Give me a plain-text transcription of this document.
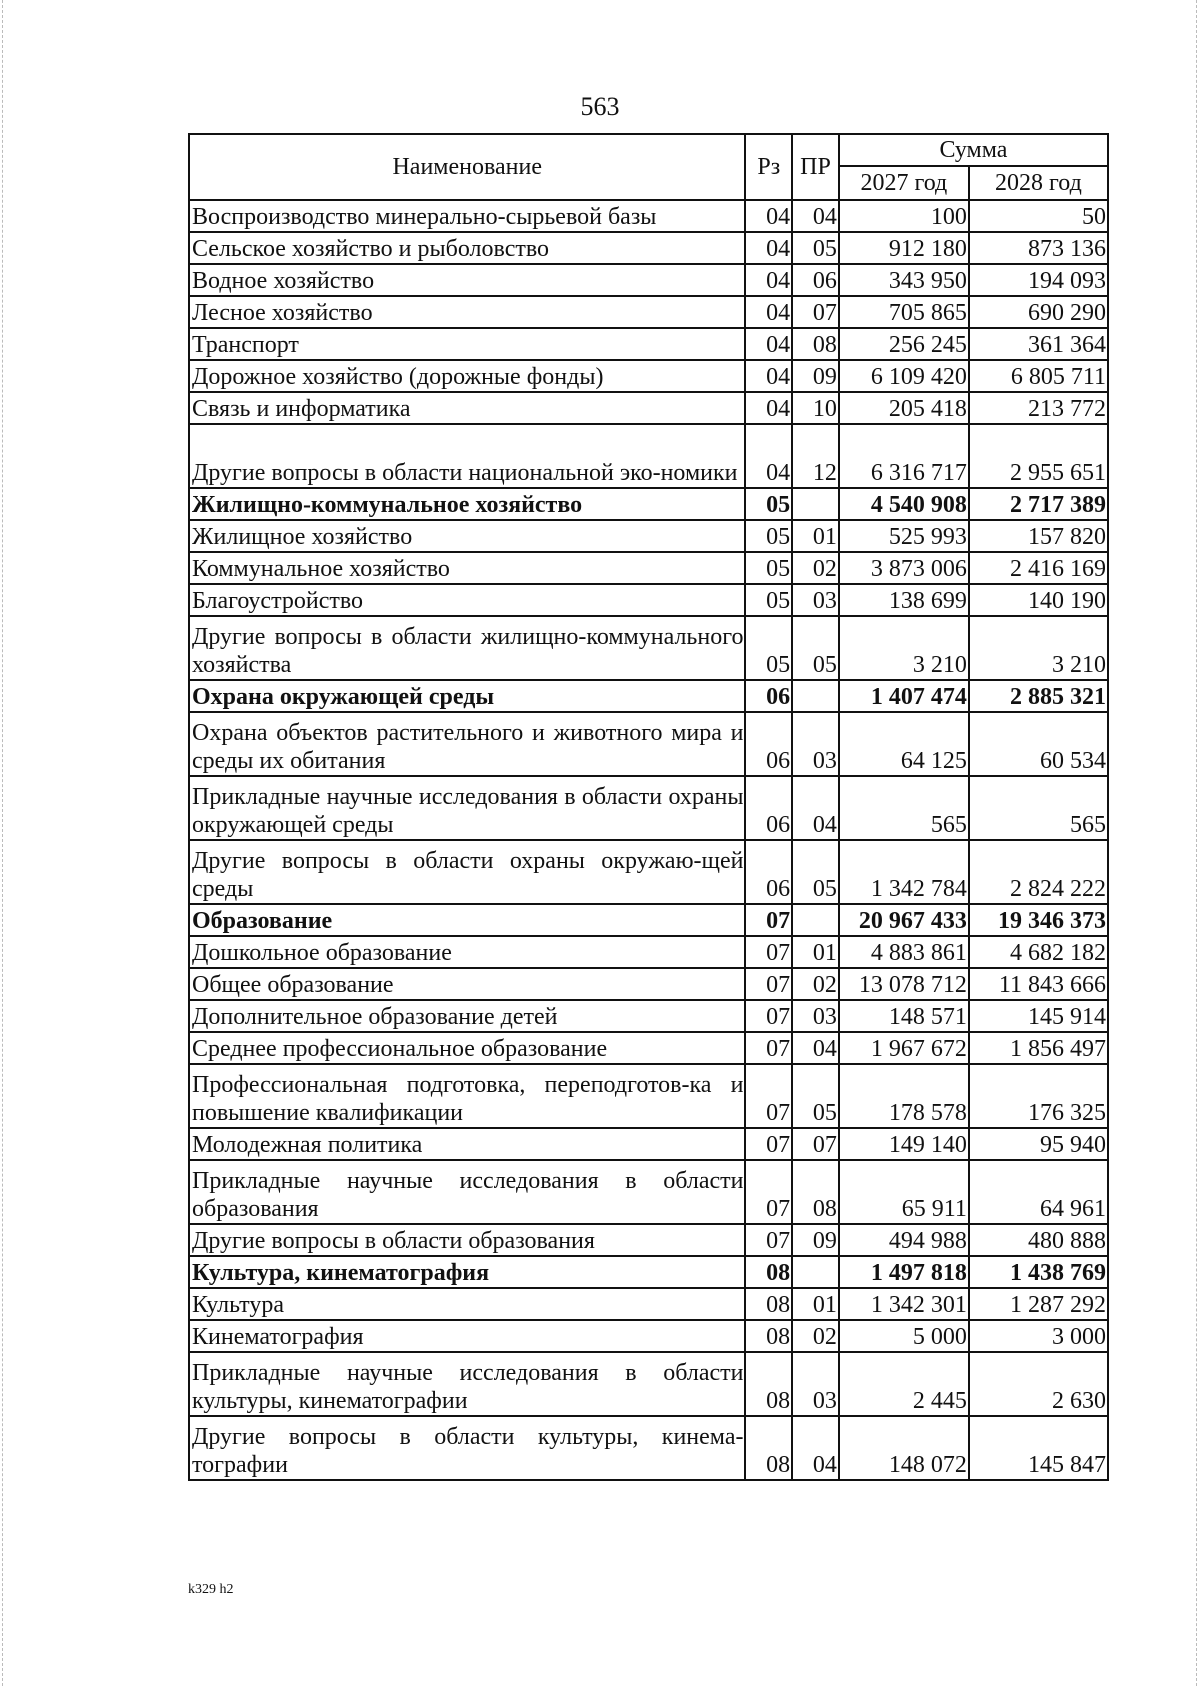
563
Наименование	Рз	ПР	Сумма	
			2027 год	2028 год
Воспроизводство минерально-сырьевой базы	04	04	100	50
Сельское хозяйство и рыболовство	04	05	912 180	873 136
Водное хозяйство	04	06	343 950	194 093
Лесное хозяйство	04	07	705 865	690 290
Транспорт	04	08	256 245	361 364
Дорожное хозяйство (дорожные фонды)	04	09	6 109 420	6 805 711
Связь и информатика	04	10	205 418	213 772
Другие вопросы в области национальной эко-номики	04	12	6 316 717	2 955 651
Жилищно-коммунальное хозяйство	05		4 540 908	2 717 389
Жилищное хозяйство	05	01	525 993	157 820
Коммунальное хозяйство	05	02	3 873 006	2 416 169
Благоустройство	05	03	138 699	140 190
Другие вопросы в области жилищно-коммунального хозяйства	05	05	3 210	3 210
Охрана окружающей среды	06		1 407 474	2 885 321
Охрана объектов растительного и животного мира и среды их обитания	06	03	64 125	60 534
Прикладные научные исследования в области охраны окружающей среды	06	04	565	565
Другие вопросы в области охраны окружаю-щей среды	06	05	1 342 784	2 824 222
Образование	07		20 967 433	19 346 373
Дошкольное образование	07	01	4 883 861	4 682 182
Общее образование	07	02	13 078 712	11 843 666
Дополнительное образование детей	07	03	148 571	145 914
Среднее профессиональное образование	07	04	1 967 672	1 856 497
Профессиональная подготовка, переподготов-ка и повышение квалификации	07	05	178 578	176 325
Молодежная политика	07	07	149 140	95 940
Прикладные научные исследования в области образования	07	08	65 911	64 961
Другие вопросы в области образования	07	09	494 988	480 888
Культура, кинематография	08		1 497 818	1 438 769
Культура	08	01	1 342 301	1 287 292
Кинематография	08	02	5 000	3 000
Прикладные научные исследования в области культуры, кинематографии	08	03	2 445	2 630
Другие вопросы в области культуры, кинема-тографии	08	04	148 072	145 847
k329 h2
